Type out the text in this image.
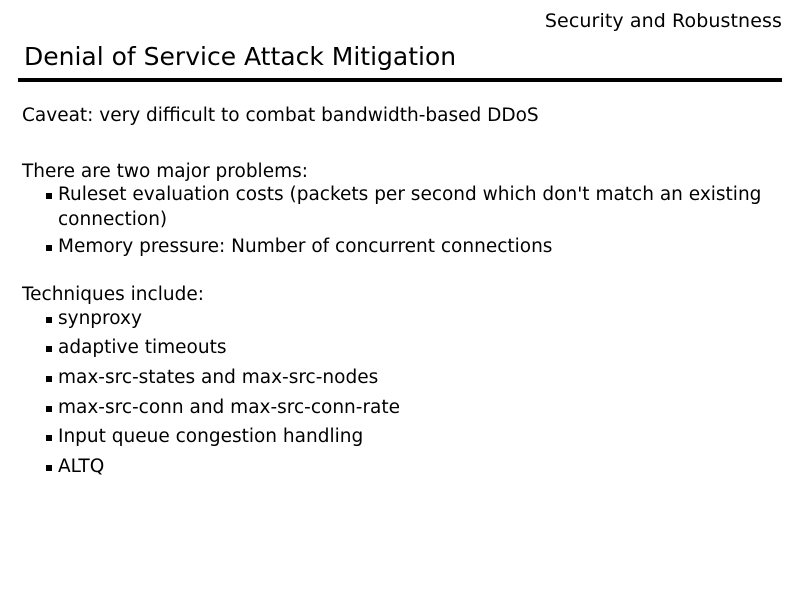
Security and Robustness
Denial of Service Attack Mitigation

Caveat: very difficult to combat bandwidth-based DDoS

There are two major problems:

Ruleset evaluation costs (packets per second which don't match an existing connection)
Memory pressure: Number of concurrent connections

Techniques include:

synproxy
adaptive timeouts
max-src-states and max-src-nodes
max-src-conn and max-src-conn-rate
Input queue congestion handling
ALTQ
